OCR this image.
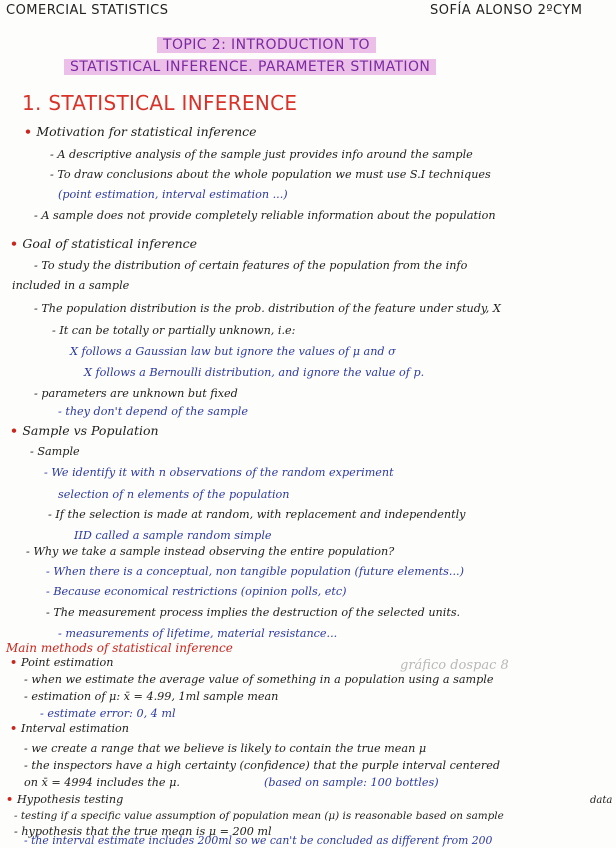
COMERCIAL STATISTICS	SOFÍA ALONSO 2ºCYM
TOPIC 2: INTRODUCTION TO
STATISTICAL INFERENCE. PARAMETER STIMATION
1. STATISTICAL INFERENCE
• Motivation for statistical inference
- A descriptive analysis of the sample just provides info around the sample
- To draw conclusions about the whole population we must use S.I techniques
(point estimation, interval estimation ...)
- A sample does not provide completely reliable information about the population
• Goal of statistical inference
- To study the distribution of certain features of the population from the info
included in a sample
- The population distribution is the prob. distribution of the feature under study, X
- It can be totally or partially unknown, i.e:
X follows a Gaussian law but ignore the values of μ and σ
X follows a Bernoulli distribution, and ignore the value of p.
- parameters are unknown but fixed
- they don't depend of the sample
• Sample vs Population
- Sample
- We identify it with n observations of the random experiment
selection of n elements of the population
- If the selection is made at random, with replacement and independently
IID called a sample random simple
- Why we take a sample instead observing the entire population?
- When there is a conceptual, non tangible population (future elements...)
- Because economical restrictions (opinion polls, etc)
- The measurement process implies the destruction of the selected units.
- measurements of lifetime, material resistance...
Main methods of statistical inference
gráfico dospac 8
• Point estimation
- when we estimate the average value of something in a population using a sample
- estimation of μ: x̄ = 4.99, 1ml sample mean
- estimate error: 0, 4 ml
• Interval estimation
- we create a range that we believe is likely to contain the true mean μ
- the inspectors have a high certainty (confidence) that the purple interval centered
on x̄ = 4994 includes the μ.	(based on sample: 100 bottles)
• Hypothesis testing	data
- testing if a specific value assumption of population mean (μ) is reasonable based on sample
- hypothesis that the true mean is μ = 200 ml
- the interval estimate includes 200ml so we can't be concluded as different from 200
